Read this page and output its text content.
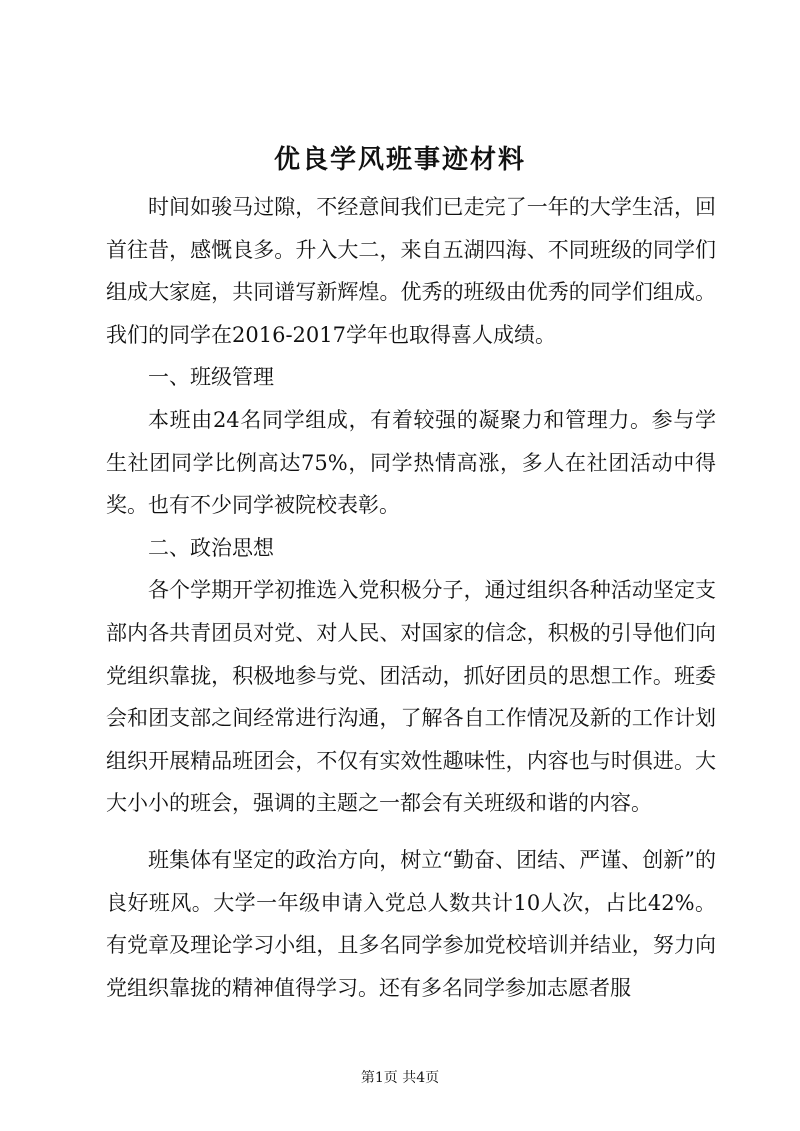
优良学风班事迹材料

时间如骏马过隙，不经意间我们已走完了一年的大学生活，回首往昔，感慨良多。升入大二，来自五湖四海、不同班级的同学们组成大家庭，共同谱写新辉煌。优秀的班级由优秀的同学们组成。我们的同学在2016-2017学年也取得喜人成绩。

一、班级管理

本班由24名同学组成，有着较强的凝聚力和管理力。参与学生社团同学比例高达75%，同学热情高涨，多人在社团活动中得奖。也有不少同学被院校表彰。

二、政治思想

各个学期开学初推选入党积极分子，通过组织各种活动坚定支部内各共青团员对党、对人民、对国家的信念，积极的引导他们向党组织靠拢，积极地参与党、团活动，抓好团员的思想工作。班委会和团支部之间经常进行沟通，了解各自工作情况及新的工作计划组织开展精品班团会，不仅有实效性趣味性，内容也与时俱进。大大小小的班会，强调的主题之一都会有关班级和谐的内容。

班集体有坚定的政治方向，树立“勤奋、团结、严谨、创新”的良好班风。大学一年级申请入党总人数共计10人次，占比42%。有党章及理论学习小组，且多名同学参加党校培训并结业，努力向党组织靠拢的精神值得学习。还有多名同学参加志愿者服

第1页 共4页
